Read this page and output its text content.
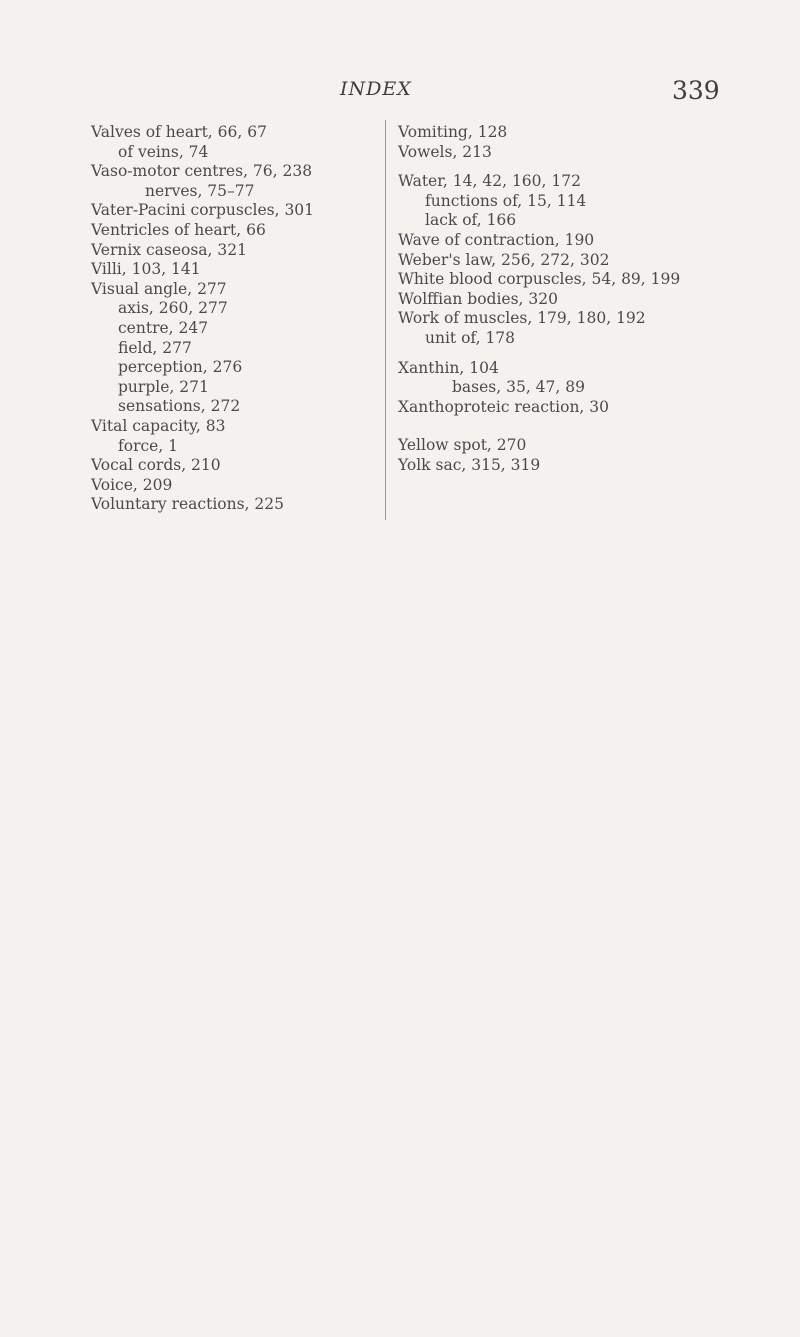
INDEX	339

Valves of heart, 66, 67

of veins, 74

Vaso-motor centres, 76, 238

nerves, 75–77

Vater-Pacini corpuscles, 301

Ventricles of heart, 66

Vernix caseosa, 321

Villi, 103, 141

Visual angle, 277

axis, 260, 277

centre, 247

field, 277

perception, 276

purple, 271

sensations, 272

Vital capacity, 83

force, 1

Vocal cords, 210

Voice, 209

Voluntary reactions, 225

Vomiting, 128

Vowels, 213

Water, 14, 42, 160, 172

functions of, 15, 114

lack of, 166

Wave of contraction, 190

Weber's law, 256, 272, 302

White blood corpuscles, 54, 89, 199

Wolffian bodies, 320

Work of muscles, 179, 180, 192

unit of, 178

Xanthin, 104

bases, 35, 47, 89

Xanthoproteic reaction, 30

Yellow spot, 270

Yolk sac, 315, 319
